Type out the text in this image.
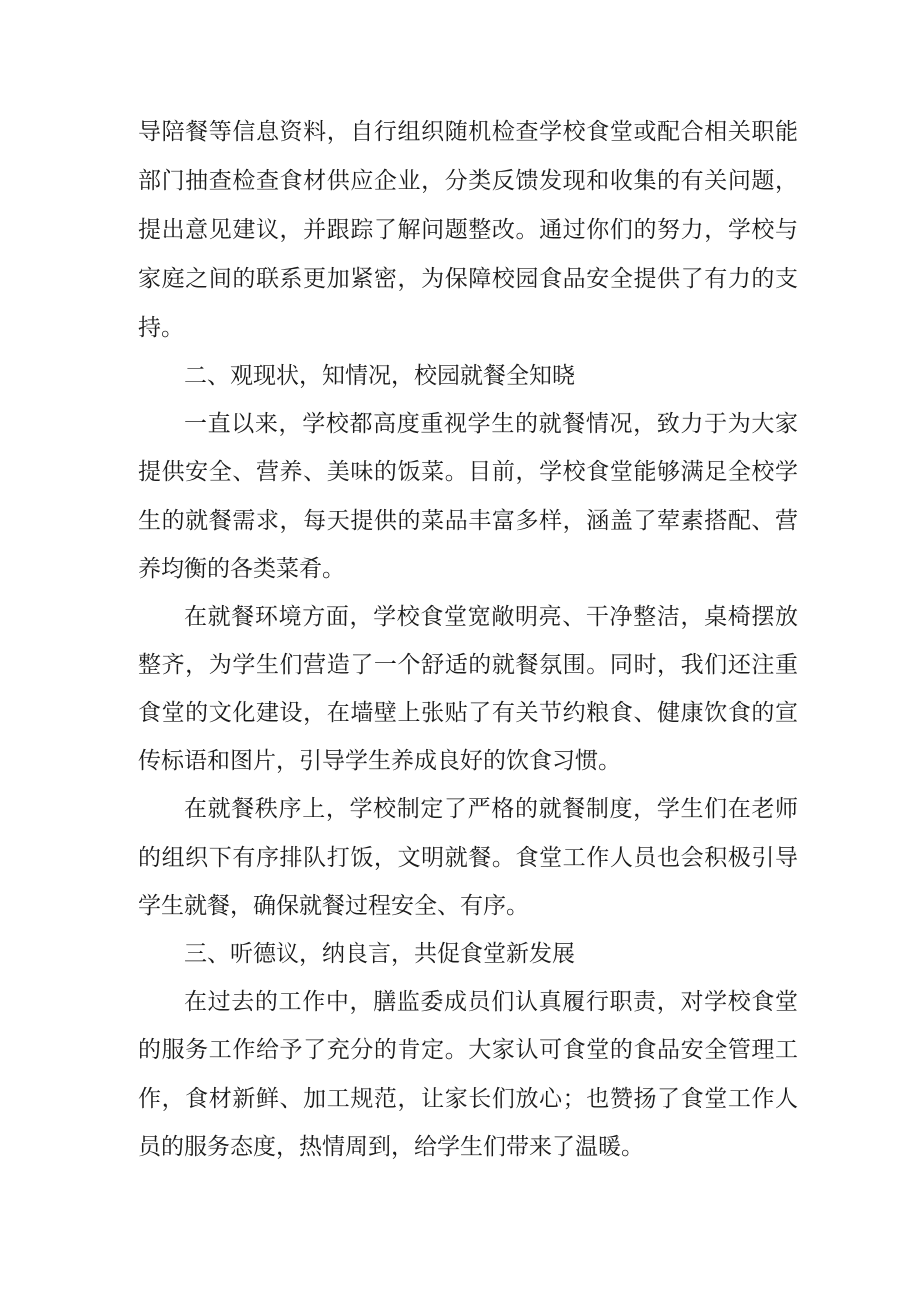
导陪餐等信息资料，自行组织随机检查学校食堂或配合相关职能
部门抽查检查食材供应企业，分类反馈发现和收集的有关问题，
提出意见建议，并跟踪了解问题整改。通过你们的努力，学校与
家庭之间的联系更加紧密，为保障校园食品安全提供了有力的支
持。
二、观现状，知情况，校园就餐全知晓
一直以来，学校都高度重视学生的就餐情况，致力于为大家
提供安全、营养、美味的饭菜。目前，学校食堂能够满足全校学
生的就餐需求，每天提供的菜品丰富多样，涵盖了荤素搭配、营
养均衡的各类菜肴。
在就餐环境方面，学校食堂宽敞明亮、干净整洁，桌椅摆放
整齐，为学生们营造了一个舒适的就餐氛围。同时，我们还注重
食堂的文化建设，在墙壁上张贴了有关节约粮食、健康饮食的宣
传标语和图片，引导学生养成良好的饮食习惯。
在就餐秩序上，学校制定了严格的就餐制度，学生们在老师
的组织下有序排队打饭，文明就餐。食堂工作人员也会积极引导
学生就餐，确保就餐过程安全、有序。
三、听德议，纳良言，共促食堂新发展
在过去的工作中，膳监委成员们认真履行职责，对学校食堂
的服务工作给予了充分的肯定。大家认可食堂的食品安全管理工
作，食材新鲜、加工规范，让家长们放心；也赞扬了食堂工作人
员的服务态度，热情周到，给学生们带来了温暖。
